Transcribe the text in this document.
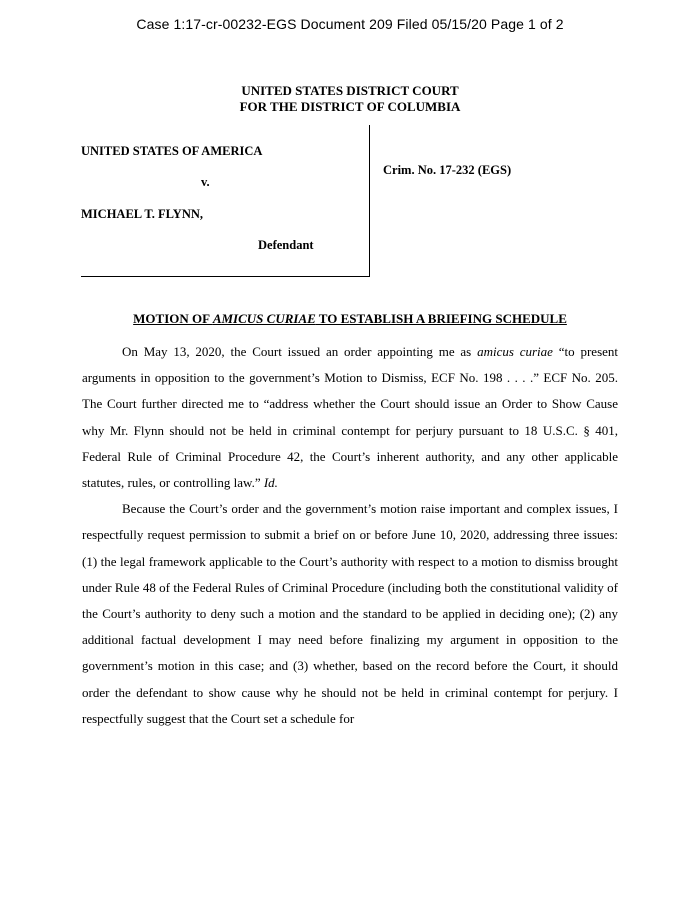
Case 1:17-cr-00232-EGS Document 209 Filed 05/15/20 Page 1 of 2
UNITED STATES DISTRICT COURT
FOR THE DISTRICT OF COLUMBIA
UNITED STATES OF AMERICA
v.
MICHAEL T. FLYNN,
Defendant
Crim. No. 17-232 (EGS)
MOTION OF AMICUS CURIAE TO ESTABLISH A BRIEFING SCHEDULE

On May 13, 2020, the Court issued an order appointing me as amicus curiae “to present arguments in opposition to the government’s Motion to Dismiss, ECF No. 198 . . . .” ECF No. 205. The Court further directed me to “address whether the Court should issue an Order to Show Cause why Mr. Flynn should not be held in criminal contempt for perjury pursuant to 18 U.S.C. § 401, Federal Rule of Criminal Procedure 42, the Court’s inherent authority, and any other applicable statutes, rules, or controlling law.” Id.

Because the Court’s order and the government’s motion raise important and complex issues, I respectfully request permission to submit a brief on or before June 10, 2020, addressing three issues: (1) the legal framework applicable to the Court’s authority with respect to a motion to dismiss brought under Rule 48 of the Federal Rules of Criminal Procedure (including both the constitutional validity of the Court’s authority to deny such a motion and the standard to be applied in deciding one); (2) any additional factual development I may need before finalizing my argument in opposition to the government’s motion in this case; and (3) whether, based on the record before the Court, it should order the defendant to show cause why he should not be held in criminal contempt for perjury. I respectfully suggest that the Court set a schedule for
